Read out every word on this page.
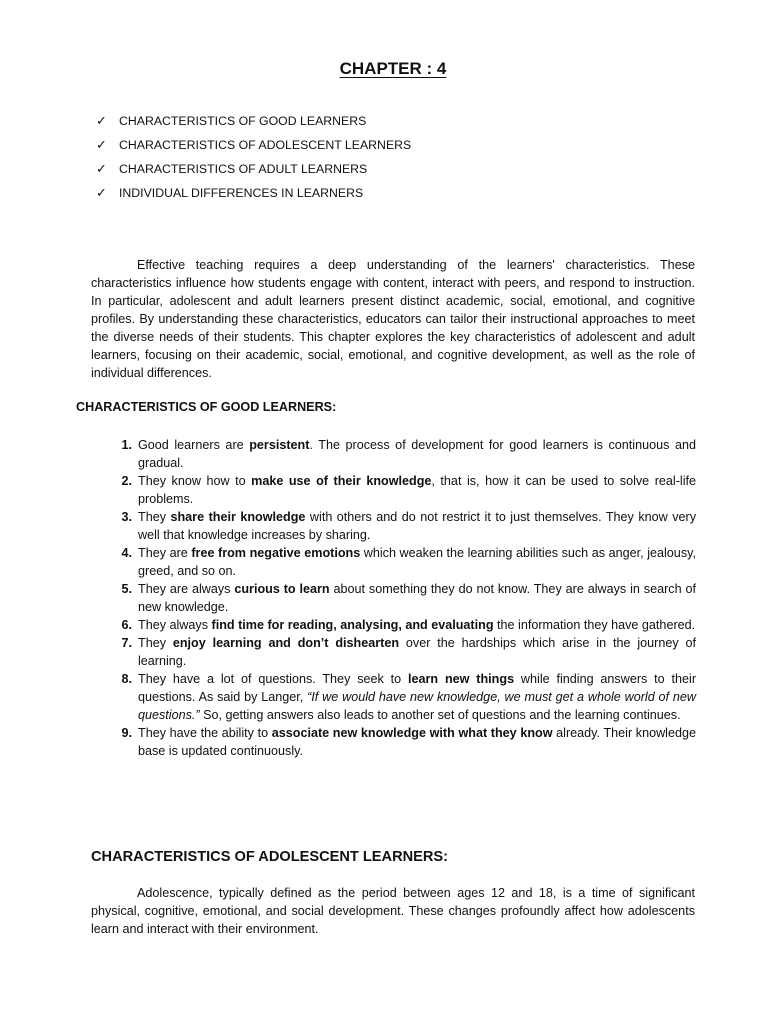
CHAPTER : 4
✓ CHARACTERISTICS OF GOOD LEARNERS
✓ CHARACTERISTICS OF ADOLESCENT LEARNERS
✓ CHARACTERISTICS OF ADULT LEARNERS
✓ INDIVIDUAL DIFFERENCES IN LEARNERS

Effective teaching requires a deep understanding of the learners' characteristics. These characteristics influence how students engage with content, interact with peers, and respond to instruction. In particular, adolescent and adult learners present distinct academic, social, emotional, and cognitive profiles. By understanding these characteristics, educators can tailor their instructional approaches to meet the diverse needs of their students. This chapter explores the key characteristics of adolescent and adult learners, focusing on their academic, social, emotional, and cognitive development, as well as the role of individual differences.

CHARACTERISTICS OF GOOD LEARNERS:
1. Good learners are persistent. The process of development for good learners is continuous and gradual.
2. They know how to make use of their knowledge, that is, how it can be used to solve real-life problems.
3. They share their knowledge with others and do not restrict it to just themselves. They know very well that knowledge increases by sharing.
4. They are free from negative emotions which weaken the learning abilities such as anger, jealousy, greed, and so on.
5. They are always curious to learn about something they do not know. They are always in search of new knowledge.
6. They always find time for reading, analysing, and evaluating the information they have gathered.
7. They enjoy learning and don’t dishearten over the hardships which arise in the journey of learning.
8. They have a lot of questions. They seek to learn new things while finding answers to their questions. As said by Langer, “If we would have new knowledge, we must get a whole world of new questions.” So, getting answers also leads to another set of questions and the learning continues.
9. They have the ability to associate new knowledge with what they know already. Their knowledge base is updated continuously.
CHARACTERISTICS OF ADOLESCENT LEARNERS:

Adolescence, typically defined as the period between ages 12 and 18, is a time of significant physical, cognitive, emotional, and social development. These changes profoundly affect how adolescents learn and interact with their environment.
